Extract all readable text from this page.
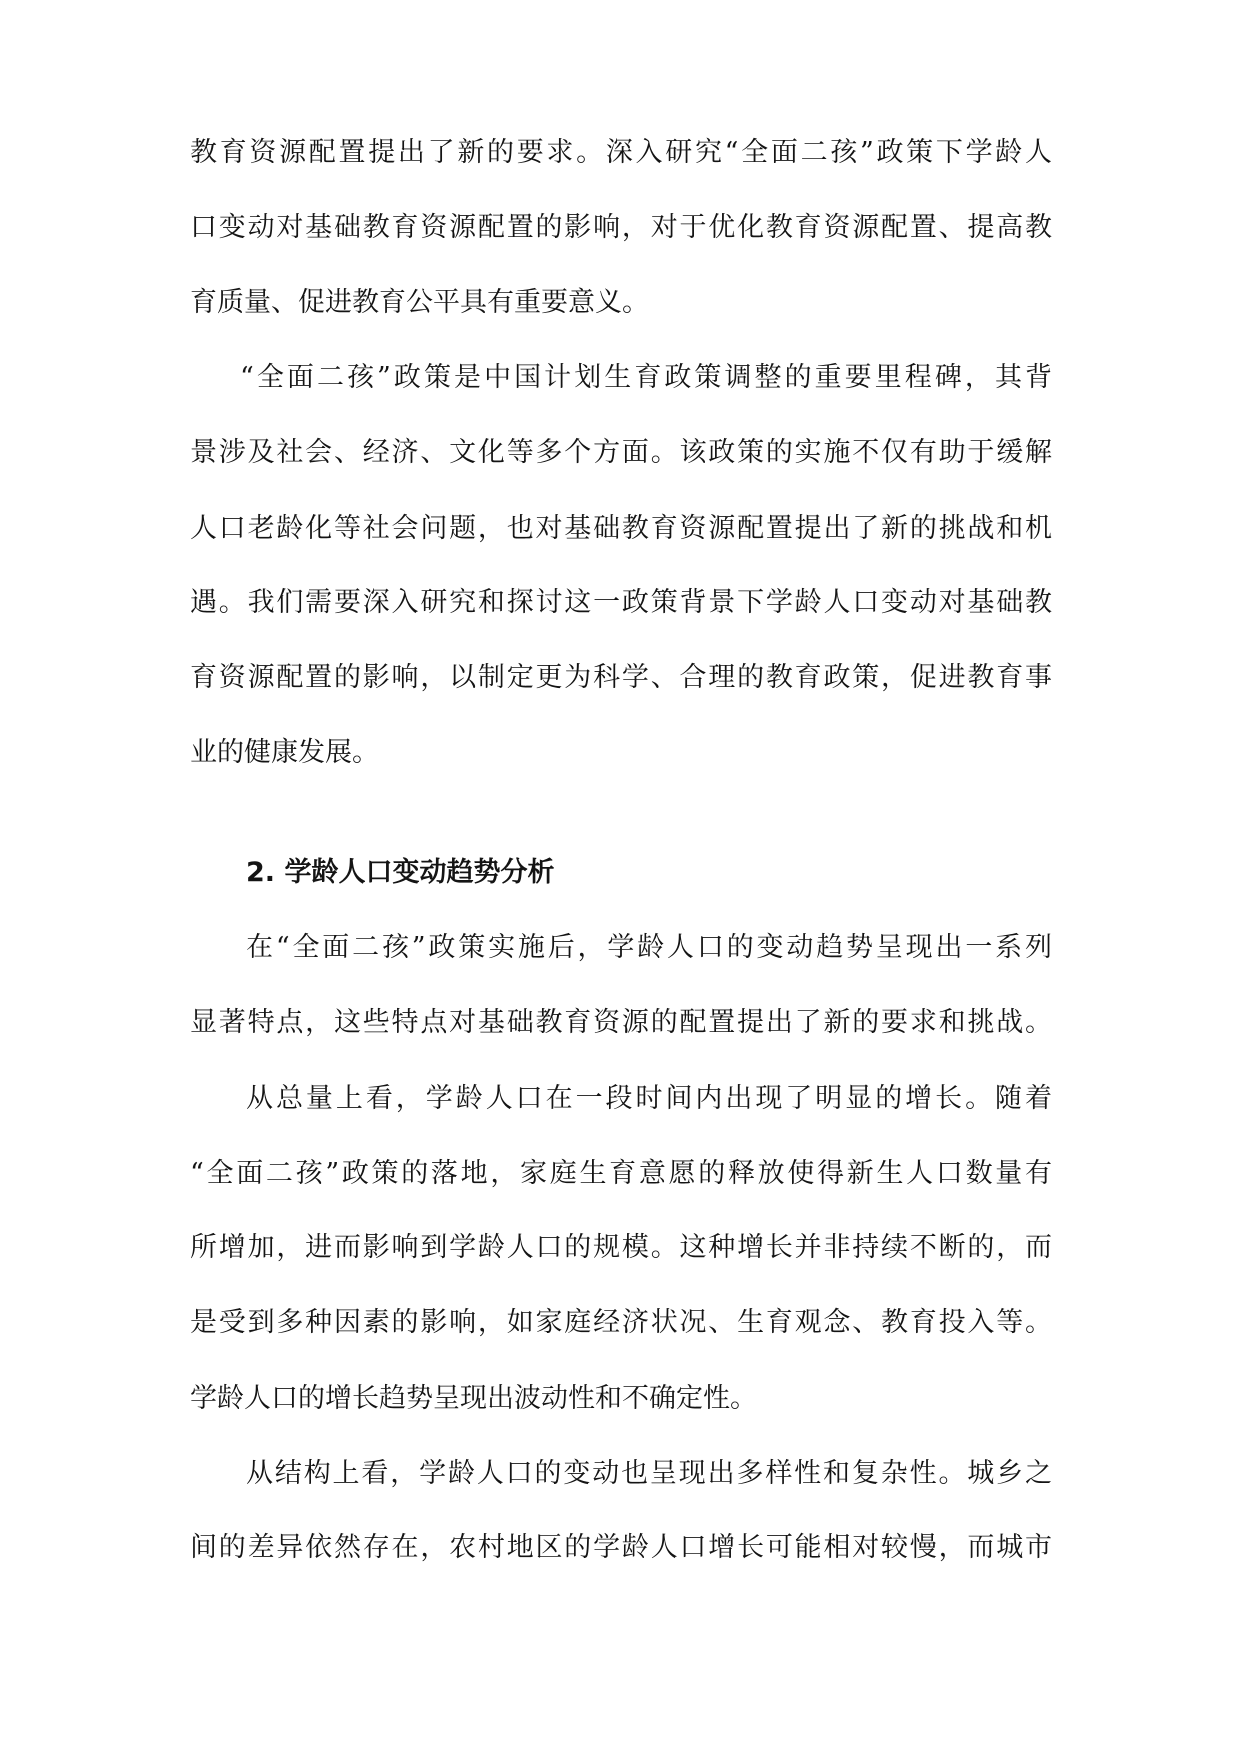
教育资源配置提出了新的要求。深入研究“全面二孩”政策下学龄人
口变动对基础教育资源配置的影响，对于优化教育资源配置、提高教
育质量、促进教育公平具有重要意义。
“全面二孩”政策是中国计划生育政策调整的重要里程碑，其背
景涉及社会、经济、文化等多个方面。该政策的实施不仅有助于缓解
人口老龄化等社会问题，也对基础教育资源配置提出了新的挑战和机
遇。我们需要深入研究和探讨这一政策背景下学龄人口变动对基础教
育资源配置的影响，以制定更为科学、合理的教育政策，促进教育事
业的健康发展。
2. 学龄人口变动趋势分析
在“全面二孩”政策实施后，学龄人口的变动趋势呈现出一系列
显著特点，这些特点对基础教育资源的配置提出了新的要求和挑战。
从总量上看，学龄人口在一段时间内出现了明显的增长。随着
“全面二孩”政策的落地，家庭生育意愿的释放使得新生人口数量有
所增加，进而影响到学龄人口的规模。这种增长并非持续不断的，而
是受到多种因素的影响，如家庭经济状况、生育观念、教育投入等。
学龄人口的增长趋势呈现出波动性和不确定性。
从结构上看，学龄人口的变动也呈现出多样性和复杂性。城乡之
间的差异依然存在，农村地区的学龄人口增长可能相对较慢，而城市
